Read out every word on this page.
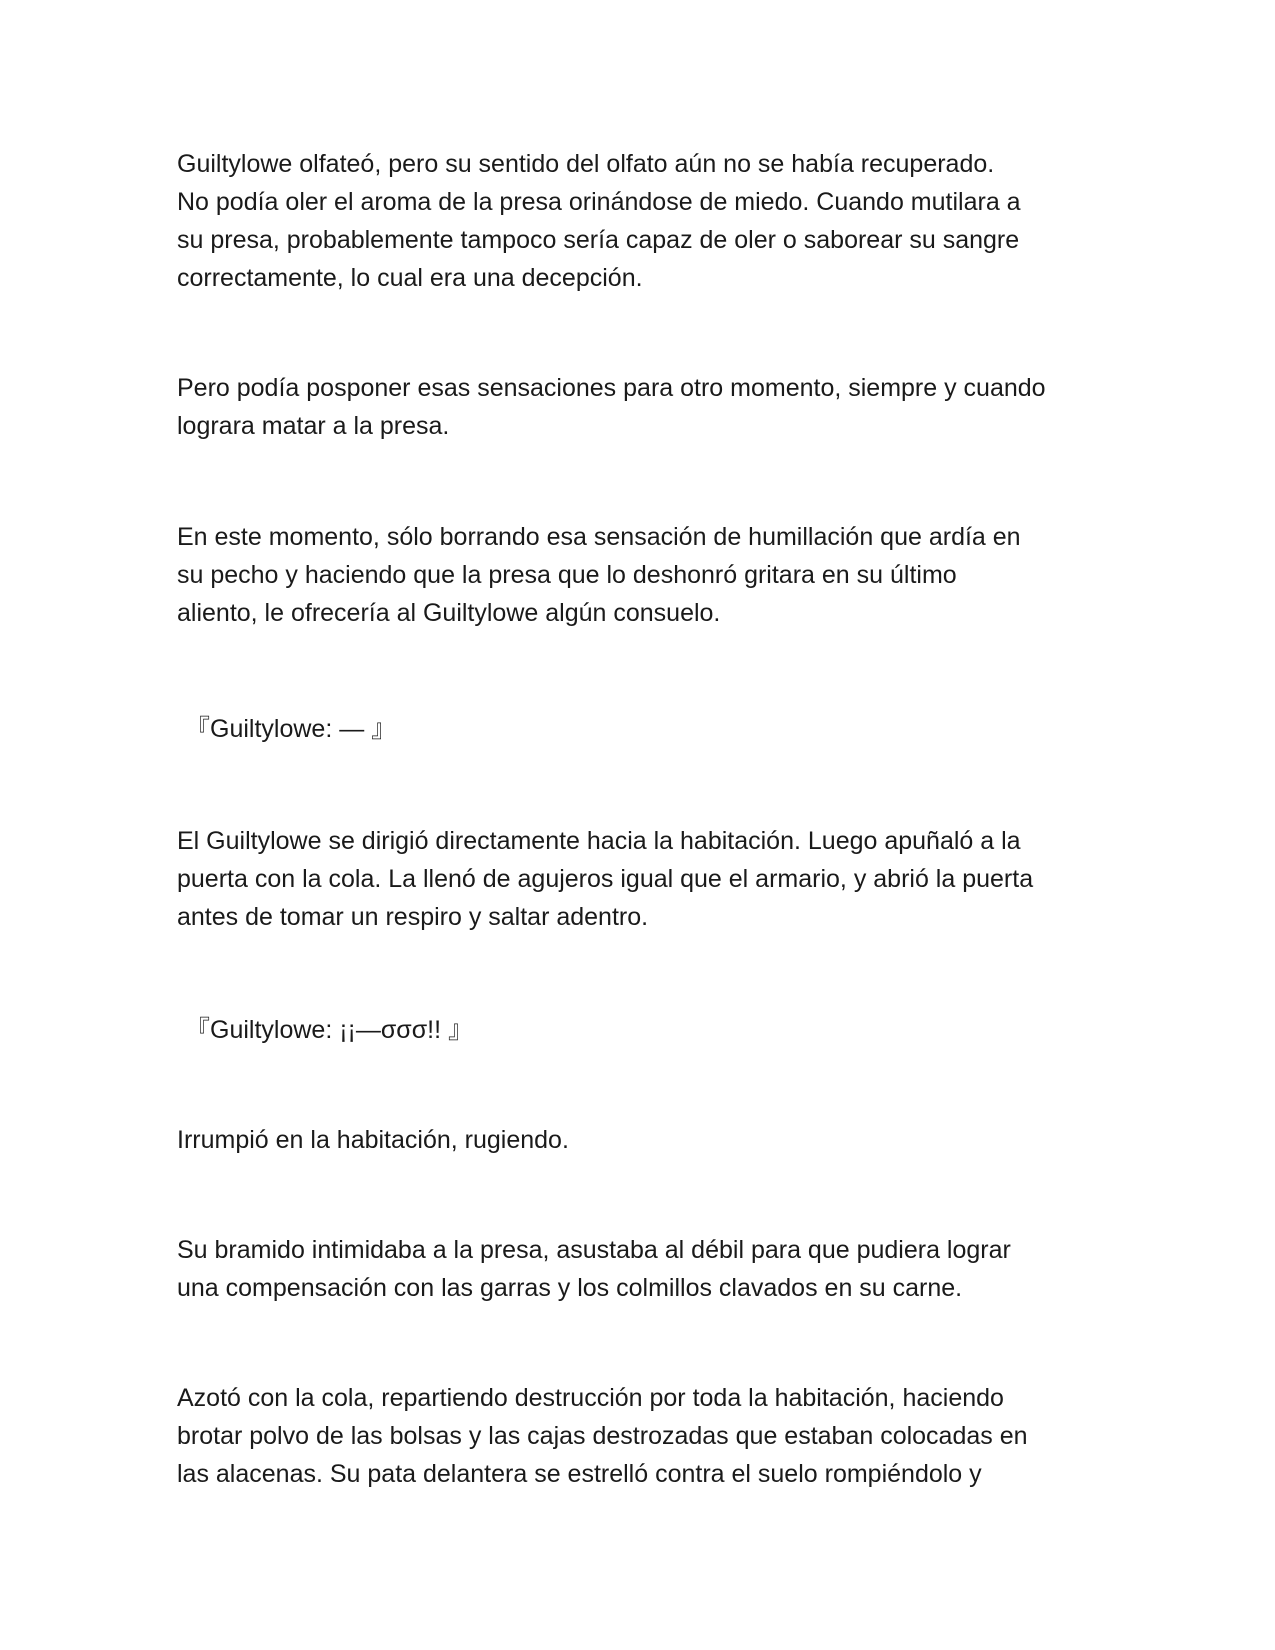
Guiltylowe olfateó, pero su sentido del olfato aún no se había recuperado.
No podía oler el aroma de la presa orinándose de miedo. Cuando mutilara a
su presa, probablemente tampoco sería capaz de oler o saborear su sangre
correctamente, lo cual era una decepción.

Pero podía posponer esas sensaciones para otro momento, siempre y cuando
lograra matar a la presa.

En este momento, sólo borrando esa sensación de humillación que ardía en
su pecho y haciendo que la presa que lo deshonró gritara en su último
aliento, le ofrecería al Guiltylowe algún consuelo.

『Guiltylowe: — 』

El Guiltylowe se dirigió directamente hacia la habitación. Luego apuñaló a la
puerta con la cola. La llenó de agujeros igual que el armario, y abrió la puerta
antes de tomar un respiro y saltar adentro.

『Guiltylowe: ¡¡—σσσ!! 』

Irrumpió en la habitación, rugiendo.

Su bramido intimidaba a la presa, asustaba al débil para que pudiera lograr
una compensación con las garras y los colmillos clavados en su carne.

Azotó con la cola, repartiendo destrucción por toda la habitación, haciendo
brotar polvo de las bolsas y las cajas destrozadas que estaban colocadas en
las alacenas. Su pata delantera se estrelló contra el suelo rompiéndolo y
